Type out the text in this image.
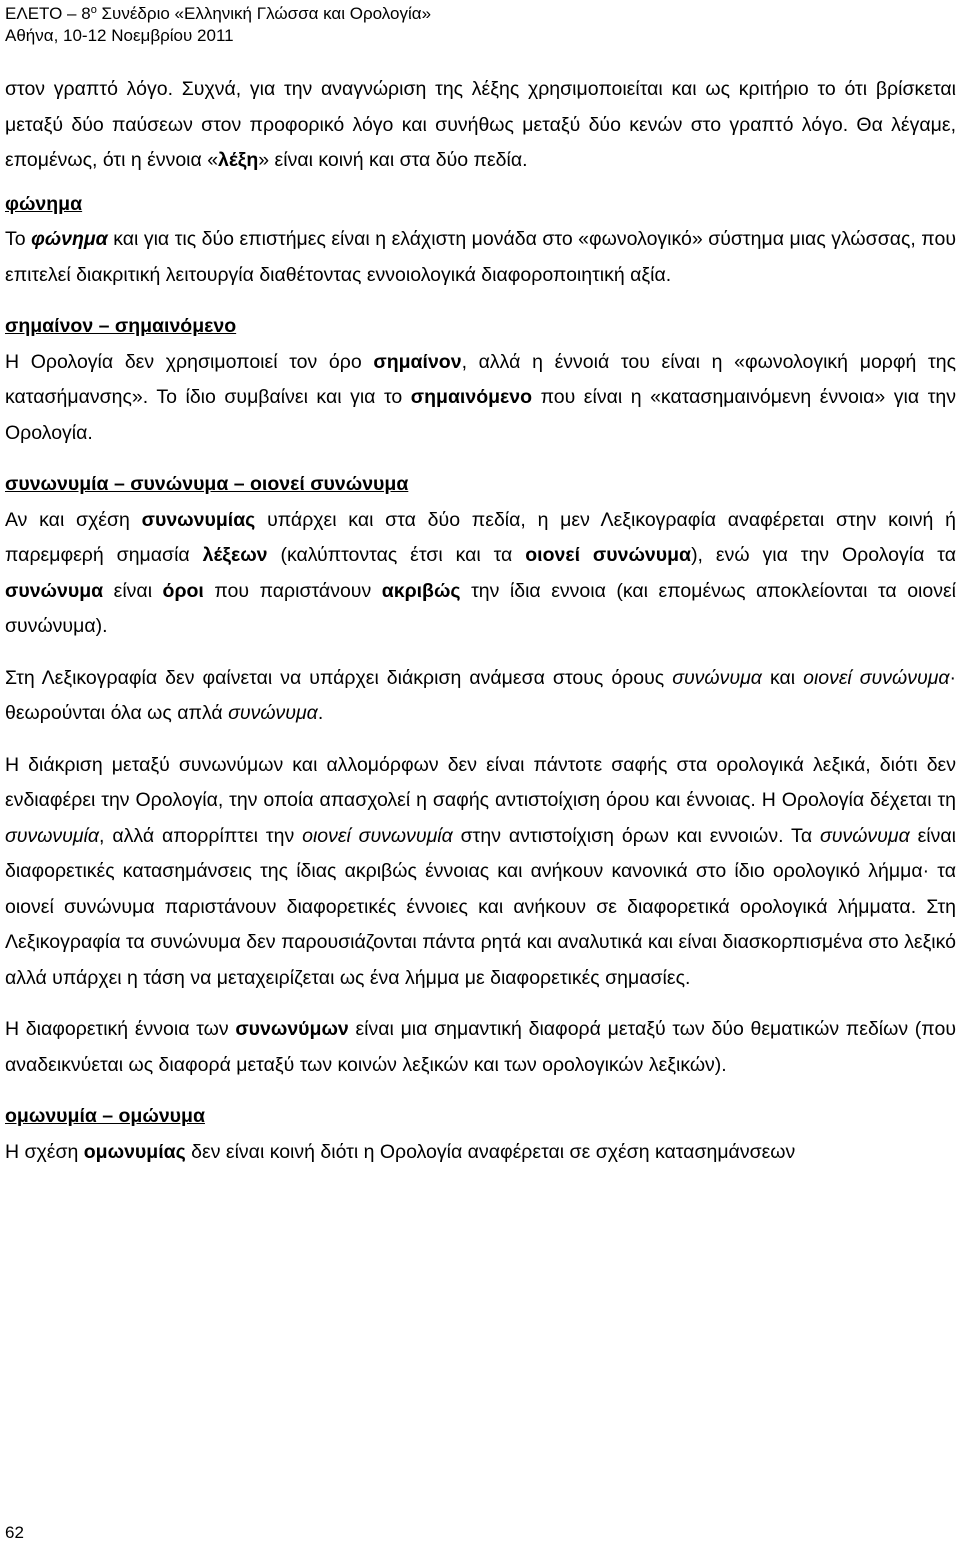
ΕΛΕΤΟ – $8^o$ Συνέδριο «Ελληνική Γλώσσα και Ορολογία»
Αθήνα, 10-12 Νοεμβρίου 2011

στον γραπτό λόγο. Συχνά, για την αναγνώριση της λέξης χρησιμοποιείται και ως κριτήριο το ότι βρίσκεται μεταξύ δύο παύσεων στον προφορικό λόγο και συνήθως μεταξύ δύο κενών στο γραπτό λόγο. Θα λέγαμε, επομένως, ότι η έννοια «λέξη» είναι κοινή και στα δύο πεδία.

φώνημα

Το φώνημα και για τις δύο επιστήμες είναι η ελάχιστη μονάδα στο «φωνολογικό» σύστημα μιας γλώσσας, που επιτελεί διακριτική λειτουργία διαθέτοντας εννοιολογικά διαφοροποιητική αξία.

σημαίνον – σημαινόμενο

Η Ορολογία δεν χρησιμοποιεί τον όρο σημαίνον, αλλά η έννοιά του είναι η «φωνολογική μορφή της κατασήμανσης». Το ίδιο συμβαίνει και για το σημαινόμενο που είναι η «κατασημαινόμενη έννοια» για την Ορολογία.

συνωνυμία – συνώνυμα – οιονεί συνώνυμα

Αν και σχέση συνωνυμίας υπάρχει και στα δύο πεδία, η μεν Λεξικογραφία αναφέρεται στην κοινή ή παρεμφερή σημασία λέξεων (καλύπτοντας έτσι και τα οιονεί συνώνυμα), ενώ για την Ορολογία τα συνώνυμα είναι όροι που παριστάνουν ακριβώς την ίδια εννοια (και επομένως αποκλείονται τα οιονεί συνώνυμα).

Στη Λεξικογραφία δεν φαίνεται να υπάρχει διάκριση ανάμεσα στους όρους συνώνυμα και οιονεί συνώνυμα· θεωρούνται όλα ως απλά συνώνυμα.

Η διάκριση μεταξύ συνωνύμων και αλλομόρφων δεν είναι πάντοτε σαφής στα ορολογικά λεξικά, διότι δεν ενδιαφέρει την Ορολογία, την οποία απασχολεί η σαφής αντιστοίχιση όρου και έννοιας. Η Ορολογία δέχεται τη συνωνυμία, αλλά απορρίπτει την οιονεί συνωνυμία στην αντιστοίχιση όρων και εννοιών. Τα συνώνυμα είναι διαφορετικές κατασημάνσεις της ίδιας ακριβώς έννοιας και ανήκουν κανονικά στο ίδιο ορολογικό λήμμα· τα οιονεί συνώνυμα παριστάνουν διαφορετικές έννοιες και ανήκουν σε διαφορετικά ορολογικά λήμματα. Στη Λεξικογραφία τα συνώνυμα δεν παρουσιάζονται πάντα ρητά και αναλυτικά και είναι διασκορπισμένα στο λεξικό αλλά υπάρχει η τάση να μεταχειρίζεται ως ένα λήμμα με διαφορετικές σημασίες.

Η διαφορετική έννοια των συνωνύμων είναι μια σημαντική διαφορά μεταξύ των δύο θεματικών πεδίων (που αναδεικνύεται ως διαφορά μεταξύ των κοινών λεξικών και των ορολογικών λεξικών).

ομωνυμία – ομώνυμα

Η σχέση ομωνυμίας δεν είναι κοινή διότι η Ορολογία αναφέρεται σε σχέση κατασημάνσεων

62
